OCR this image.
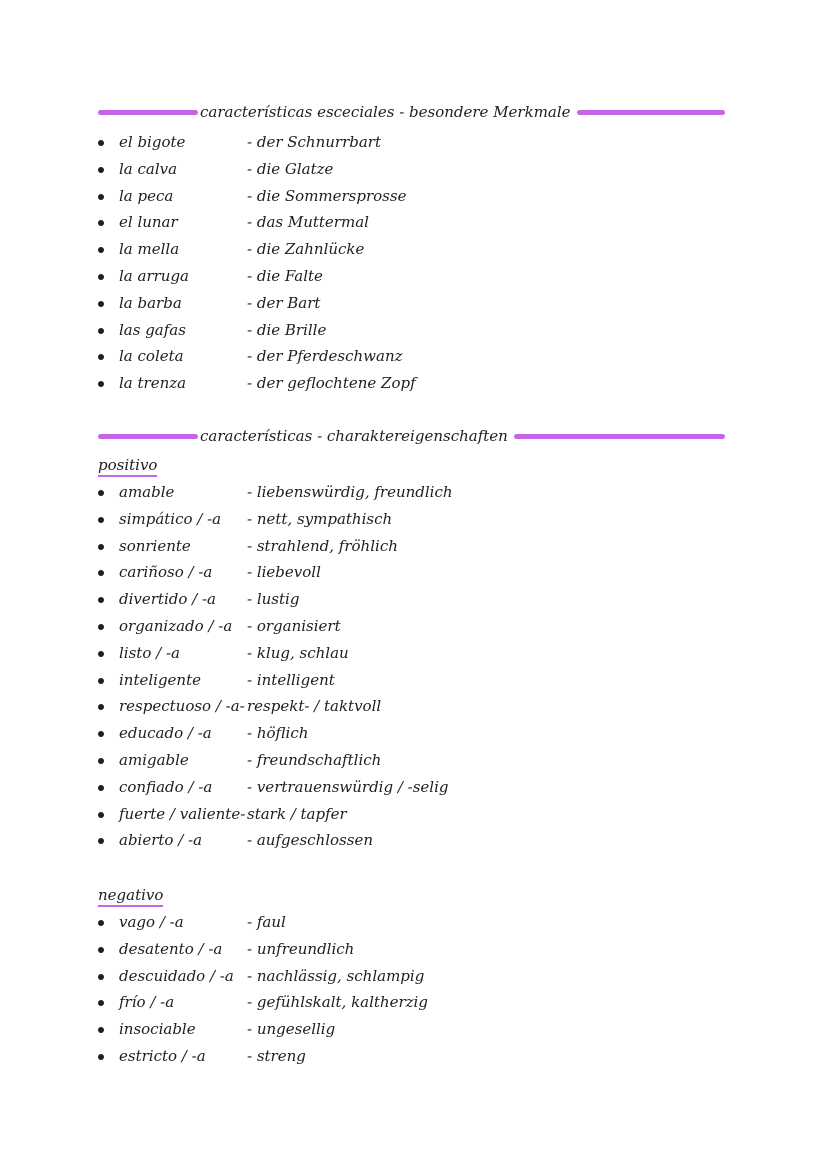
características esceciales - besondere Merkmale
el bigote	- der Schnurrbart
la calva	- die Glatze
la peca	- die Sommersprosse
el lunar	- das Muttermal
la mella	- die Zahnlücke
la arruga	- die Falte
la barba	- der Bart
las gafas	- die Brille
la coleta	- der Pferdeschwanz
la trenza	- der geflochtene Zopf
características - charaktereigenschaften
positivo
amable	- liebenswürdig, freundlich
simpático / -a - nett, sympathisch
sonriente	- strahlend, fröhlich
cariñoso / -a - liebevoll
divertido / -a - lustig
organizado / -a - organisiert
listo / -a	- klug, schlau
inteligente	- intelligent
respectuoso / -a- respekt- / taktvoll
educado / -a - höflich
amigable	- freundschaftlich
confiado / -a - vertrauenswürdig / -selig
fuerte / valiente- stark / tapfer
abierto / -a	- aufgeschlossen
negativo
vago / -a	- faul
desatento / -a - unfreundlich
descuidado / -a - nachlässig, schlampig
frío / -a	- gefühlskalt, kaltherzig
insociable	- ungesellig
estricto / -a	- streng
